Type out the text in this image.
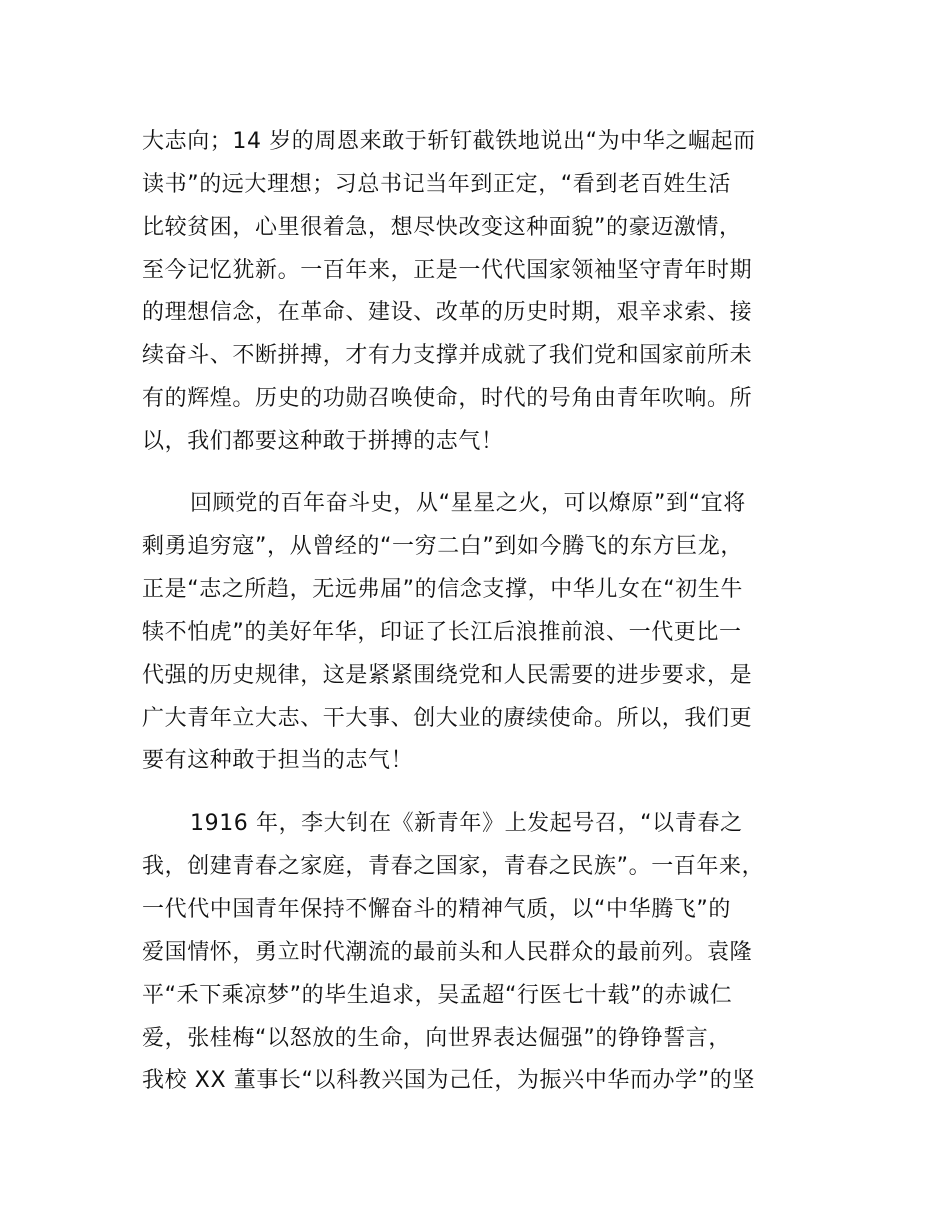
大志向；14 岁的周恩来敢于斩钉截铁地说出“为中华之崛起而
读书”的远大理想；习总书记当年到正定，“看到老百姓生活
比较贫困，心里很着急，想尽快改变这种面貌”的豪迈激情，
至今记忆犹新。一百年来，正是一代代国家领袖坚守青年时期
的理想信念，在革命、建设、改革的历史时期，艰辛求索、接
续奋斗、不断拼搏，才有力支撑并成就了我们党和国家前所未
有的辉煌。历史的功勋召唤使命，时代的号角由青年吹响。所
以，我们都要这种敢于拼搏的志气！
回顾党的百年奋斗史，从“星星之火，可以燎原”到“宜将
剩勇追穷寇”，从曾经的“一穷二白”到如今腾飞的东方巨龙，
正是“志之所趋，无远弗届”的信念支撑，中华儿女在“初生牛
犊不怕虎”的美好年华，印证了长江后浪推前浪、一代更比一
代强的历史规律，这是紧紧围绕党和人民需要的进步要求，是
广大青年立大志、干大事、创大业的赓续使命。所以，我们更
要有这种敢于担当的志气！
1916 年，李大钊在《新青年》上发起号召，“以青春之
我，创建青春之家庭，青春之国家，青春之民族”。一百年来，
一代代中国青年保持不懈奋斗的精神气质，以“中华腾飞”的
爱国情怀，勇立时代潮流的最前头和人民群众的最前列。袁隆
平“禾下乘凉梦”的毕生追求，吴孟超“行医七十载”的赤诚仁
爱，张桂梅“以怒放的生命，向世界表达倔强”的铮铮誓言，
我校 XX 董事长“以科教兴国为己任，为振兴中华而办学”的坚
